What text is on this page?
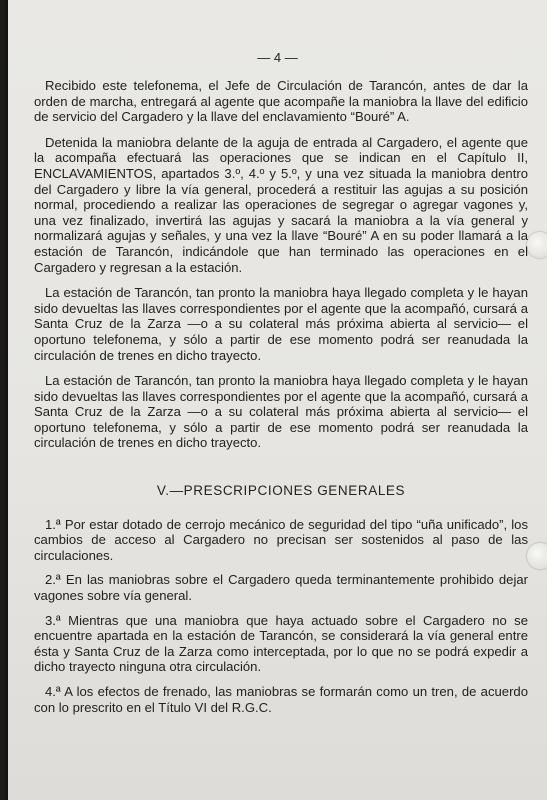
— 4 —

Recibido este telefonema, el Jefe de Circulación de Tarancón, antes de dar la orden de marcha, entregará al agente que acompañe la maniobra la llave del edificio de servicio del Cargadero y la llave del enclavamiento “Bouré” A.

Detenida la maniobra delante de la aguja de entrada al Cargadero, el agente que la acompaña efectuará las operaciones que se indican en el Capítulo II, ENCLAVAMIENTOS, apartados 3.º, 4.º y 5.º, y una vez situada la maniobra dentro del Cargadero y libre la vía general, procederá a restituir las agujas a su posición normal, procediendo a realizar las operaciones de segregar o agregar vagones y, una vez finalizado, invertirá las agujas y sacará la maniobra a la vía general y normalizará agujas y señales, y una vez la llave “Bouré” A en su poder llamará a la estación de Tarancón, indicándole que han terminado las operaciones en el Cargadero y regresan a la estación.

La estación de Tarancón, tan pronto la maniobra haya llegado completa y le hayan sido devueltas las llaves correspondientes por el agente que la acompañó, cursará a Santa Cruz de la Zarza —o a su colateral más próxima abierta al servicio— el oportuno telefonema, y sólo a partir de ese momento podrá ser reanudada la circulación de trenes en dicho trayecto.

La estación de Tarancón, tan pronto la maniobra haya llegado completa y le hayan sido devueltas las llaves correspondientes por el agente que la acompañó, cursará a Santa Cruz de la Zarza —o a su colateral más próxima abierta al servicio— el oportuno telefonema, y sólo a partir de ese momento podrá ser reanudada la circulación de trenes en dicho trayecto.

V.—PRESCRIPCIONES GENERALES

1.ª Por estar dotado de cerrojo mecánico de seguridad del tipo “uña unificado”, los cambios de acceso al Cargadero no precisan ser sostenidos al paso de las circulaciones.

2.ª En las maniobras sobre el Cargadero queda terminantemente prohibido dejar vagones sobre vía general.

3.ª Mientras que una maniobra que haya actuado sobre el Cargadero no se encuentre apartada en la estación de Tarancón, se considerará la vía general entre ésta y Santa Cruz de la Zarza como interceptada, por lo que no se podrá expedir a dicho trayecto ninguna otra circulación.

4.ª A los efectos de frenado, las maniobras se formarán como un tren, de acuerdo con lo prescrito en el Título VI del R.G.C.
